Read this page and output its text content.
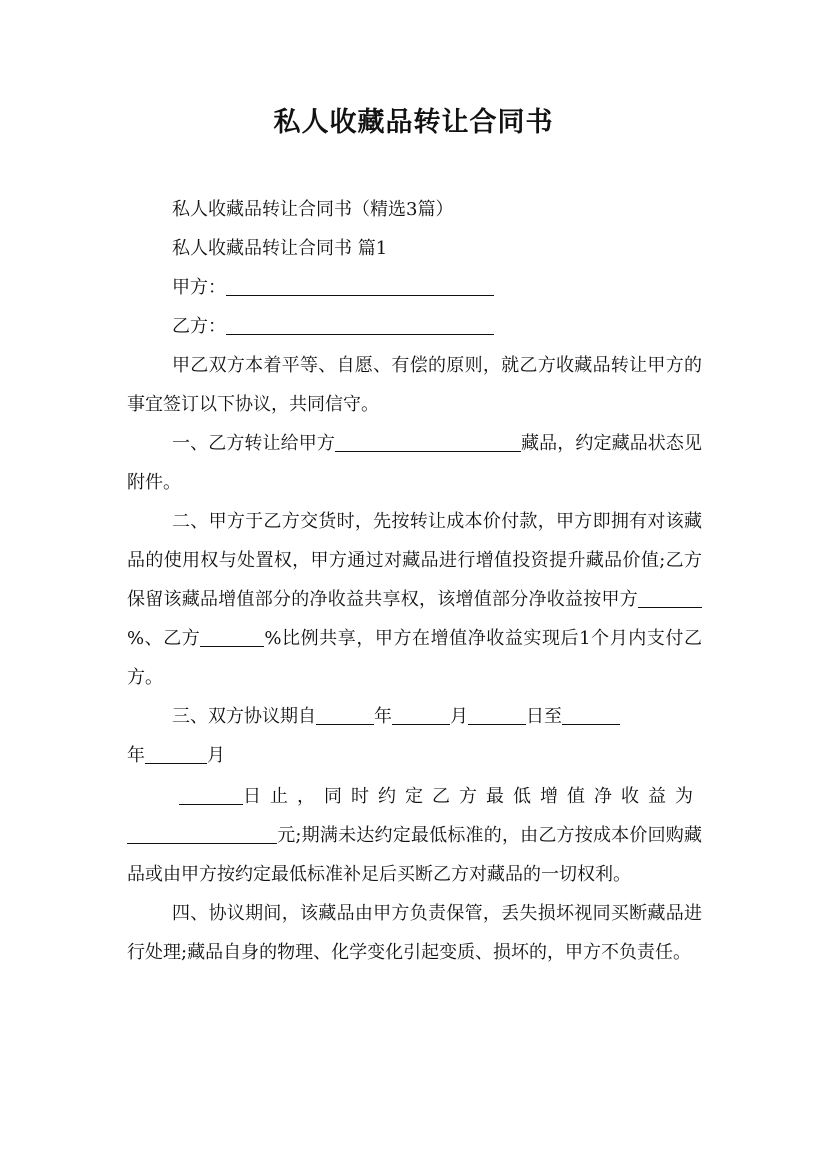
私人收藏品转让合同书

私人收藏品转让合同书（精选3篇）

私人收藏品转让合同书 篇1

甲方：

乙方：

甲乙双方本着平等、自愿、有偿的原则，就乙方收藏品转让甲方的事宜签订以下协议，共同信守。

一、乙方转让给甲方	藏品，约定藏品状态见附件。

二、甲方于乙方交货时，先按转让成本价付款，甲方即拥有对该藏品的使用权与处置权，甲方通过对藏品进行增值投资提升藏品价值;乙方保留该藏品增值部分的净收益共享权，该增值部分净收益按甲方%、乙方	%比例共享，甲方在增值净收益实现后1个月内支付乙方。

三、双方协议期自	年	月	日至
年	月

日止，同时约定乙方最低增值净收益为
元;期满未达约定最低标准的，由乙方按成本价回购藏品或由甲方按约定最低标准补足后买断乙方对藏品的一切权利。

四、协议期间，该藏品由甲方负责保管，丢失损坏视同买断藏品进行处理;藏品自身的物理、化学变化引起变质、损坏的，甲方不负责任。
